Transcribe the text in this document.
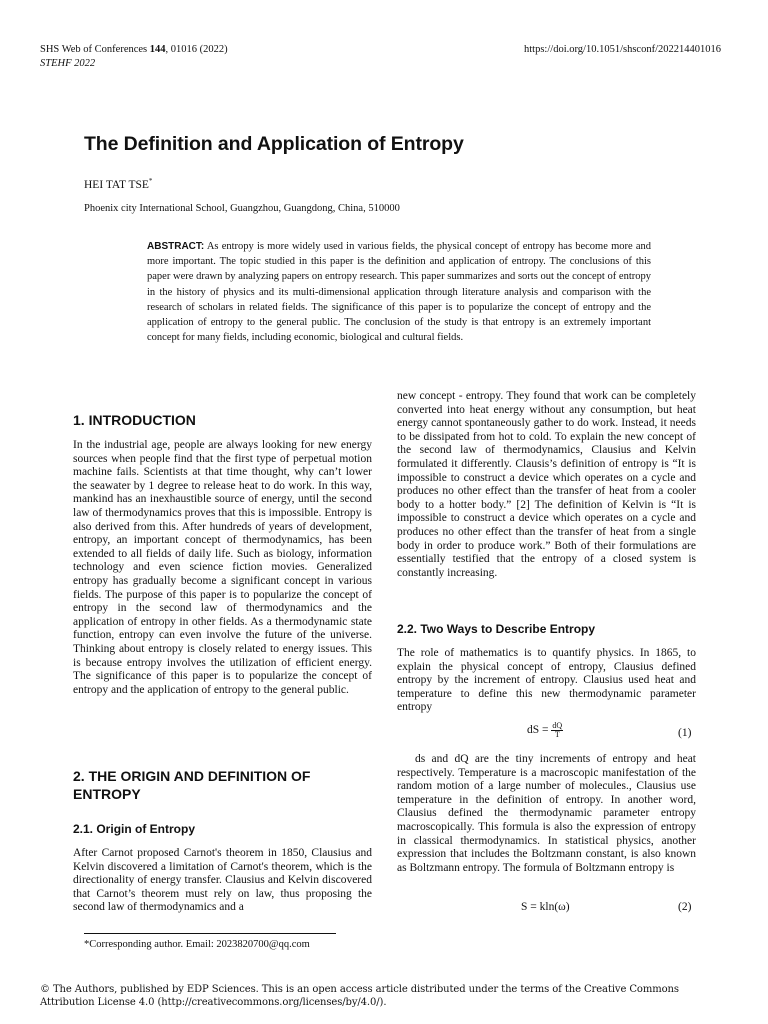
SHS Web of Conferences 144, 01016 (2022)
STEHF 2022
https://doi.org/10.1051/shsconf/202214401016
The Definition and Application of Entropy
HEI TAT TSE*
Phoenix city International School, Guangzhou, Guangdong, China, 510000
ABSTRACT: As entropy is more widely used in various fields, the physical concept of entropy has become more and more important. The topic studied in this paper is the definition and application of entropy. The conclusions of this paper were drawn by analyzing papers on entropy research. This paper summarizes and sorts out the concept of entropy in the history of physics and its multi-dimensional application through literature analysis and comparison with the research of scholars in related fields. The significance of this paper is to popularize the concept of entropy and the application of entropy to the general public. The conclusion of the study is that entropy is an extremely important concept for many fields, including economic, biological and cultural fields.
1. INTRODUCTION

In the industrial age, people are always looking for new energy sources when people find that the first type of perpetual motion machine fails. Scientists at that time thought, why can’t lower the seawater by 1 degree to release heat to do work. In this way, mankind has an inexhaustible source of energy, until the second law of thermodynamics proves that this is impossible. Entropy is also derived from this. After hundreds of years of development, entropy, an important concept of thermodynamics, has been extended to all fields of daily life. Such as biology, information technology and even science fiction movies. Generalized entropy has gradually become a significant concept in various fields. The purpose of this paper is to popularize the concept of entropy in the second law of thermodynamics and the application of entropy in other fields. As a thermodynamic state function, entropy can even involve the future of the universe. Thinking about entropy is closely related to energy issues. This is because entropy involves the utilization of efficient energy. The significance of this paper is to popularize the concept of entropy and the application of entropy to the general public.

2. THE ORIGIN AND DEFINITION OF ENTROPY
2.1. Origin of Entropy

After Carnot proposed Carnot's theorem in 1850, Clausius and Kelvin discovered a limitation of Carnot's theorem, which is the directionality of energy transfer. Clausius and Kelvin discovered that Carnot’s theorem must rely on law, thus proposing the second law of thermodynamics and a

new concept - entropy. They found that work can be completely converted into heat energy without any consumption, but heat energy cannot spontaneously gather to do work. Instead, it needs to be dissipated from hot to cold. To explain the new concept of the second law of thermodynamics, Clausius and Kelvin formulated it differently. Clausis’s definition of entropy is “It is impossible to construct a device which operates on a cycle and produces no other effect than the transfer of heat from a cooler body to a hotter body.” [2] The definition of Kelvin is “It is impossible to construct a device which operates on a cycle and produces no other effect than the transfer of heat from a single body in order to produce work.” Both of their formulations are essentially testified that the entropy of a closed system is constantly increasing.

2.2. Two Ways to Describe Entropy

The role of mathematics is to quantify physics. In 1865, to explain the physical concept of entropy, Clausius defined entropy by the increment of entropy. Clausius used heat and temperature to define this new thermodynamic parameter entropy

dS = $\frac{dQ}{T}$	(1)

ds and dQ are the tiny increments of entropy and heat respectively. Temperature is a macroscopic manifestation of the random motion of a large number of molecules., Clausius use temperature in the definition of entropy. In another word, Clausius defined the thermodynamic parameter entropy macroscopically. This formula is also the expression of entropy in classical thermodynamics. In statistical physics, another expression that includes the Boltzmann constant, is also known as Boltzmann entropy. The formula of Boltzmann entropy is

S = kln(ω)	(2)
*Corresponding author. Email: 2023820700@qq.com
© The Authors, published by EDP Sciences. This is an open access article distributed under the terms of the Creative Commons Attribution License 4.0 (http://creativecommons.org/licenses/by/4.0/).
